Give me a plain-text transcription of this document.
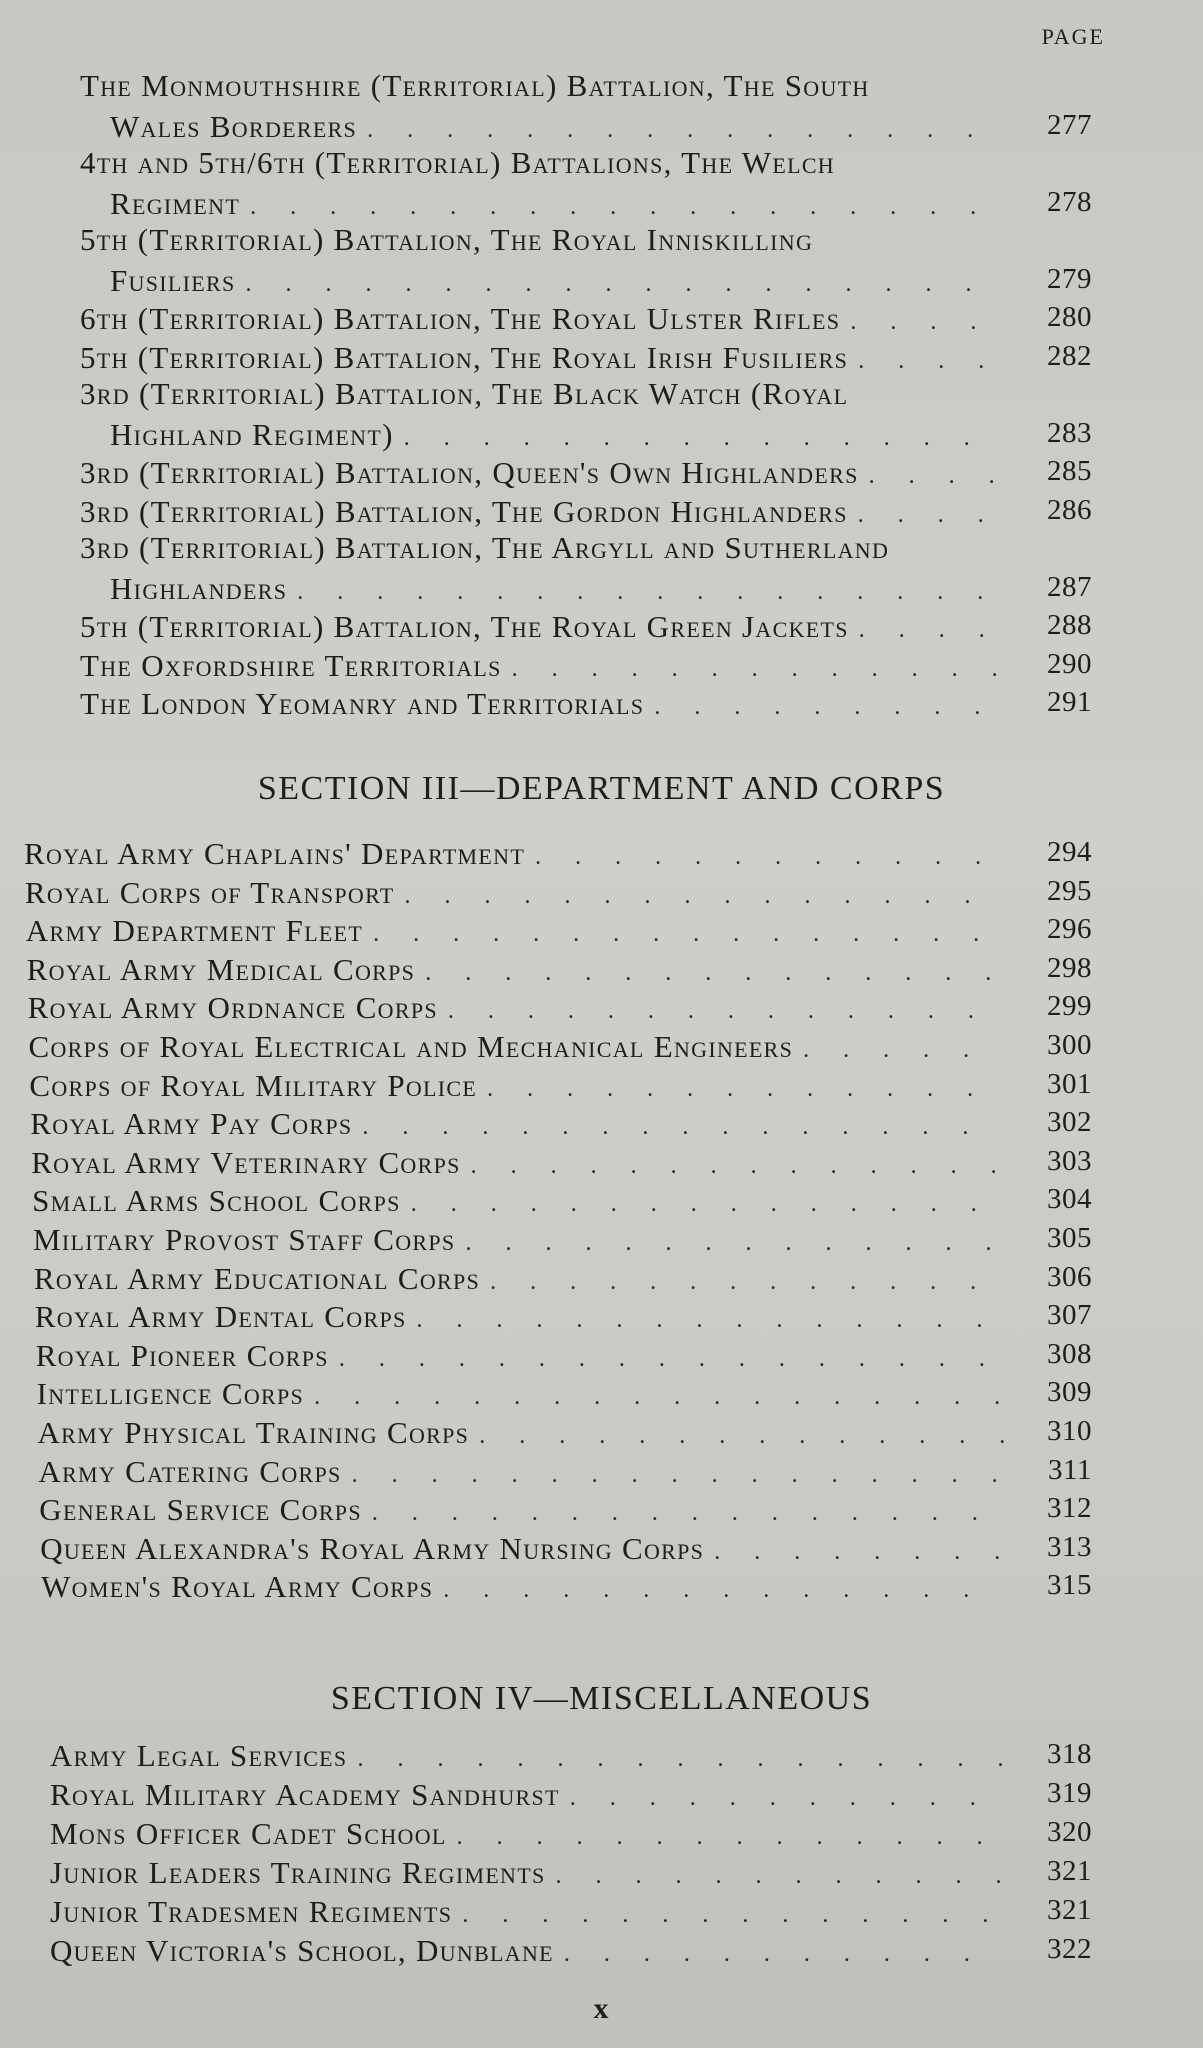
PAGE
The Monmouthshire (Territorial) Battalion, The South
Wales Borderers . . .	277
4th and 5th/6th (Territorial) Battalions, The Welch
Regiment . . .	278
5th (Territorial) Battalion, The Royal Inniskilling
Fusiliers . . .	279
6th (Territorial) Battalion, The Royal Ulster Rifles . . .	280
5th (Territorial) Battalion, The Royal Irish Fusiliers . . .	282
3rd (Territorial) Battalion, The Black Watch (Royal
Highland Regiment) . . .	283
3rd (Territorial) Battalion, Queen's Own Highlanders . . .	285
3rd (Territorial) Battalion, The Gordon Highlanders . . .	286
3rd (Territorial) Battalion, The Argyll and Sutherland
Highlanders . . .	287
5th (Territorial) Battalion, The Royal Green Jackets . . .	288
The Oxfordshire Territorials . . .	290
The London Yeomanry and Territorials . . .	291
SECTION III—DEPARTMENT AND CORPS
Royal Army Chaplains' Department . . .	294
Royal Corps of Transport . . .	295
Army Department Fleet . . .	296
Royal Army Medical Corps . . .	298
Royal Army Ordnance Corps . . .	299
Corps of Royal Electrical and Mechanical Engineers . . .	300
Corps of Royal Military Police . . .	301
Royal Army Pay Corps . . .	302
Royal Army Veterinary Corps . . .	303
Small Arms School Corps . . .	304
Military Provost Staff Corps . . .	305
Royal Army Educational Corps . . .	306
Royal Army Dental Corps . . .	307
Royal Pioneer Corps . . .	308
Intelligence Corps . . .	309
Army Physical Training Corps . . .	310
Army Catering Corps . . .	311
General Service Corps . . .	312
Queen Alexandra's Royal Army Nursing Corps . . .	313
Women's Royal Army Corps . . .	315
SECTION IV—MISCELLANEOUS
Army Legal Services . . .	318
Royal Military Academy Sandhurst . . .	319
Mons Officer Cadet School . . .	320
Junior Leaders Training Regiments . . .	321
Junior Tradesmen Regiments . . .	321
Queen Victoria's School, Dunblane . . .	322
x
